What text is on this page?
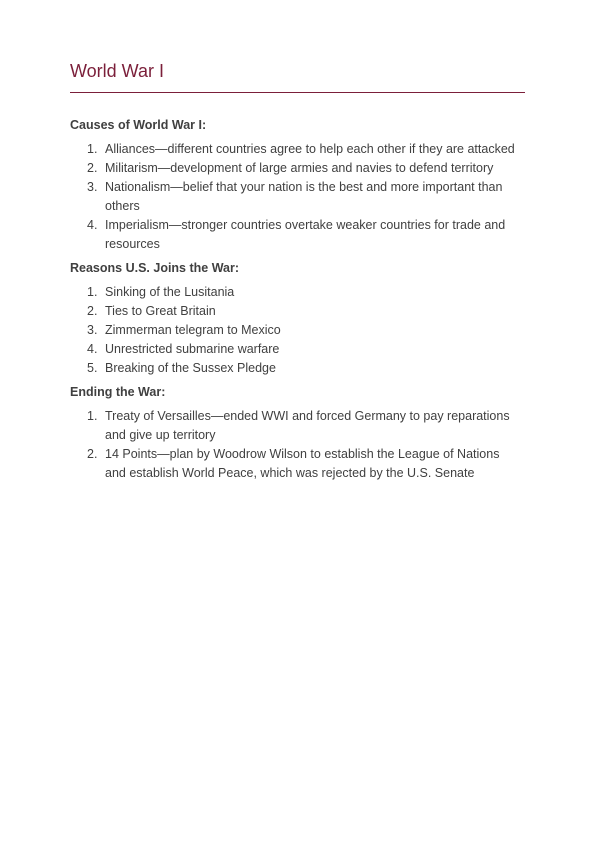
World War I
Causes of World War I:
1. Alliances—different countries agree to help each other if they are attacked
2. Militarism—development of large armies and navies to defend territory
3. Nationalism—belief that your nation is the best and more important than others
4. Imperialism—stronger countries overtake weaker countries for trade and resources
Reasons U.S. Joins the War:
1. Sinking of the Lusitania
2. Ties to Great Britain
3. Zimmerman telegram to Mexico
4. Unrestricted submarine warfare
5. Breaking of the Sussex Pledge
Ending the War:
1. Treaty of Versailles—ended WWI and forced Germany to pay reparations and give up territory
2. 14 Points—plan by Woodrow Wilson to establish the League of Nations and establish World Peace, which was rejected by the U.S. Senate
